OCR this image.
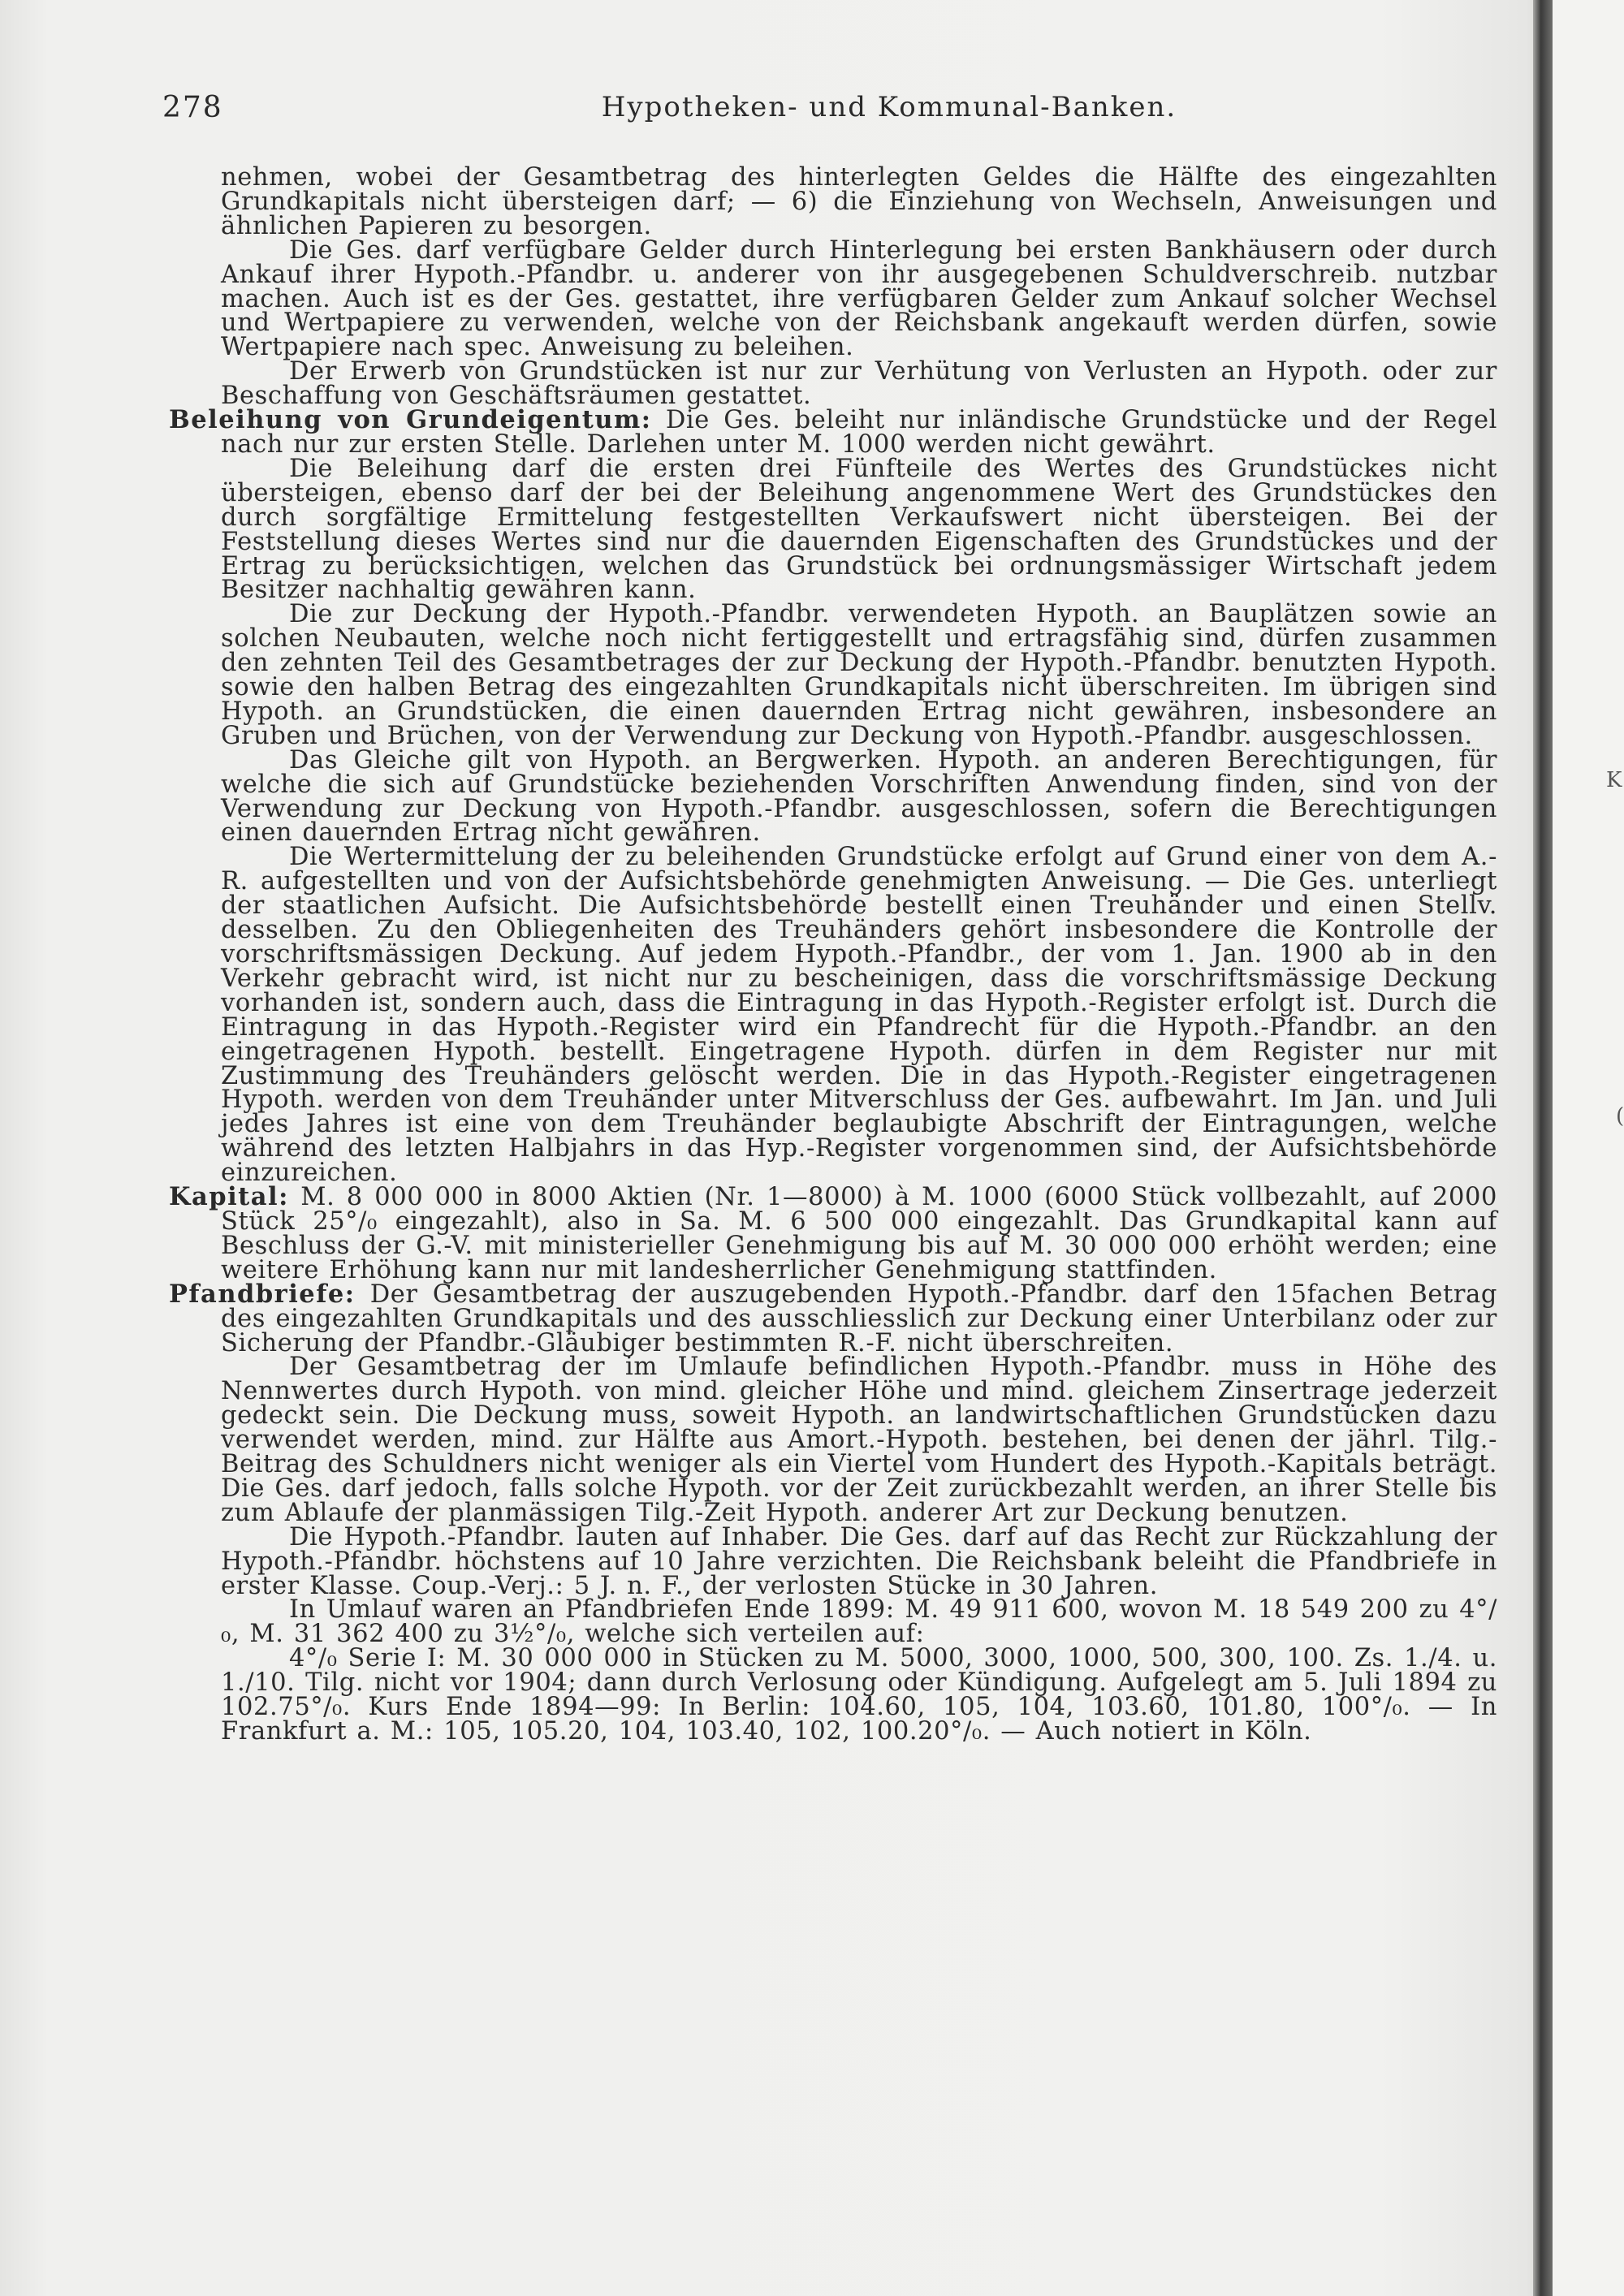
K
(
278	Hypotheken- und Kommunal-Banken.

nehmen, wobei der Gesamtbetrag des hinterlegten Geldes die Hälfte des eingezahlten Grundkapitals nicht übersteigen darf; — 6) die Einziehung von Wechseln, Anweisungen und ähnlichen Papieren zu besorgen.

Die Ges. darf verfügbare Gelder durch Hinterlegung bei ersten Bankhäusern oder durch Ankauf ihrer Hypoth.-Pfandbr. u. anderer von ihr ausgegebenen Schuldverschreib. nutzbar machen. Auch ist es der Ges. gestattet, ihre verfügbaren Gelder zum Ankauf solcher Wechsel und Wertpapiere zu verwenden, welche von der Reichsbank angekauft werden dürfen, sowie Wertpapiere nach spec. Anweisung zu beleihen.

Der Erwerb von Grundstücken ist nur zur Verhütung von Verlusten an Hypoth. oder zur Beschaffung von Geschäftsräumen gestattet.

Beleihung von Grundeigentum: Die Ges. beleiht nur inländische Grundstücke und der Regel nach nur zur ersten Stelle. Darlehen unter M. 1000 werden nicht gewährt.

Die Beleihung darf die ersten drei Fünfteile des Wertes des Grundstückes nicht übersteigen, ebenso darf der bei der Beleihung angenommene Wert des Grundstückes den durch sorgfältige Ermittelung festgestellten Verkaufswert nicht übersteigen. Bei der Feststellung dieses Wertes sind nur die dauernden Eigenschaften des Grundstückes und der Ertrag zu berücksichtigen, welchen das Grundstück bei ordnungsmässiger Wirtschaft jedem Besitzer nachhaltig gewähren kann.

Die zur Deckung der Hypoth.-Pfandbr. verwendeten Hypoth. an Bauplätzen sowie an solchen Neubauten, welche noch nicht fertiggestellt und ertragsfähig sind, dürfen zusammen den zehnten Teil des Gesamtbetrages der zur Deckung der Hypoth.-Pfandbr. benutzten Hypoth. sowie den halben Betrag des eingezahlten Grundkapitals nicht überschreiten. Im übrigen sind Hypoth. an Grundstücken, die einen dauernden Ertrag nicht gewähren, insbesondere an Gruben und Brüchen, von der Verwendung zur Deckung von Hypoth.-Pfandbr. ausgeschlossen.

Das Gleiche gilt von Hypoth. an Bergwerken. Hypoth. an anderen Berechtigungen, für welche die sich auf Grundstücke beziehenden Vorschriften Anwendung finden, sind von der Verwendung zur Deckung von Hypoth.-Pfandbr. ausgeschlossen, sofern die Berechtigungen einen dauernden Ertrag nicht gewähren.

Die Wertermittelung der zu beleihenden Grundstücke erfolgt auf Grund einer von dem A.-R. aufgestellten und von der Aufsichtsbehörde genehmigten Anweisung. — Die Ges. unterliegt der staatlichen Aufsicht. Die Aufsichtsbehörde bestellt einen Treuhänder und einen Stellv. desselben. Zu den Obliegenheiten des Treuhänders gehört insbesondere die Kontrolle der vorschriftsmässigen Deckung. Auf jedem Hypoth.-Pfandbr., der vom 1. Jan. 1900 ab in den Verkehr gebracht wird, ist nicht nur zu bescheinigen, dass die vorschriftsmässige Deckung vorhanden ist, sondern auch, dass die Eintragung in das Hypoth.-Register erfolgt ist. Durch die Eintragung in das Hypoth.-Register wird ein Pfandrecht für die Hypoth.-Pfandbr. an den eingetragenen Hypoth. bestellt. Eingetragene Hypoth. dürfen in dem Register nur mit Zustimmung des Treuhänders gelöscht werden. Die in das Hypoth.-Register eingetragenen Hypoth. werden von dem Treuhänder unter Mitverschluss der Ges. aufbewahrt. Im Jan. und Juli jedes Jahres ist eine von dem Treuhänder beglaubigte Abschrift der Eintragungen, welche während des letzten Halbjahrs in das Hyp.-Register vorgenommen sind, der Aufsichtsbehörde einzureichen.

Kapital: M. 8 000 000 in 8000 Aktien (Nr. 1—8000) à M. 1000 (6000 Stück vollbezahlt, auf 2000 Stück 25°/₀ eingezahlt), also in Sa. M. 6 500 000 eingezahlt. Das Grundkapital kann auf Beschluss der G.-V. mit ministerieller Genehmigung bis auf M. 30 000 000 erhöht werden; eine weitere Erhöhung kann nur mit landesherrlicher Genehmigung stattfinden.

Pfandbriefe: Der Gesamtbetrag der auszugebenden Hypoth.-Pfandbr. darf den 15fachen Betrag des eingezahlten Grundkapitals und des ausschliesslich zur Deckung einer Unterbilanz oder zur Sicherung der Pfandbr.-Gläubiger bestimmten R.-F. nicht überschreiten.

Der Gesamtbetrag der im Umlaufe befindlichen Hypoth.-Pfandbr. muss in Höhe des Nennwertes durch Hypoth. von mind. gleicher Höhe und mind. gleichem Zinsertrage jederzeit gedeckt sein. Die Deckung muss, soweit Hypoth. an landwirtschaftlichen Grundstücken dazu verwendet werden, mind. zur Hälfte aus Amort.-Hypoth. bestehen, bei denen der jährl. Tilg.-Beitrag des Schuldners nicht weniger als ein Viertel vom Hundert des Hypoth.-Kapitals beträgt. Die Ges. darf jedoch, falls solche Hypoth. vor der Zeit zurückbezahlt werden, an ihrer Stelle bis zum Ablaufe der planmässigen Tilg.-Zeit Hypoth. anderer Art zur Deckung benutzen.

Die Hypoth.-Pfandbr. lauten auf Inhaber. Die Ges. darf auf das Recht zur Rückzahlung der Hypoth.-Pfandbr. höchstens auf 10 Jahre verzichten. Die Reichsbank beleiht die Pfandbriefe in erster Klasse. Coup.-Verj.: 5 J. n. F., der verlosten Stücke in 30 Jahren.

In Umlauf waren an Pfandbriefen Ende 1899: M. 49 911 600, wovon M. 18 549 200 zu 4°/₀, M. 31 362 400 zu 3½°/₀, welche sich verteilen auf:

4°/₀ Serie I: M. 30 000 000 in Stücken zu M. 5000, 3000, 1000, 500, 300, 100. Zs. 1./4. u. 1./10. Tilg. nicht vor 1904; dann durch Verlosung oder Kündigung. Aufgelegt am 5. Juli 1894 zu 102.75°/₀. Kurs Ende 1894—99: In Berlin: 104.60, 105, 104, 103.60, 101.80, 100°/₀. — In Frankfurt a. M.: 105, 105.20, 104, 103.40, 102, 100.20°/₀. — Auch notiert in Köln.
